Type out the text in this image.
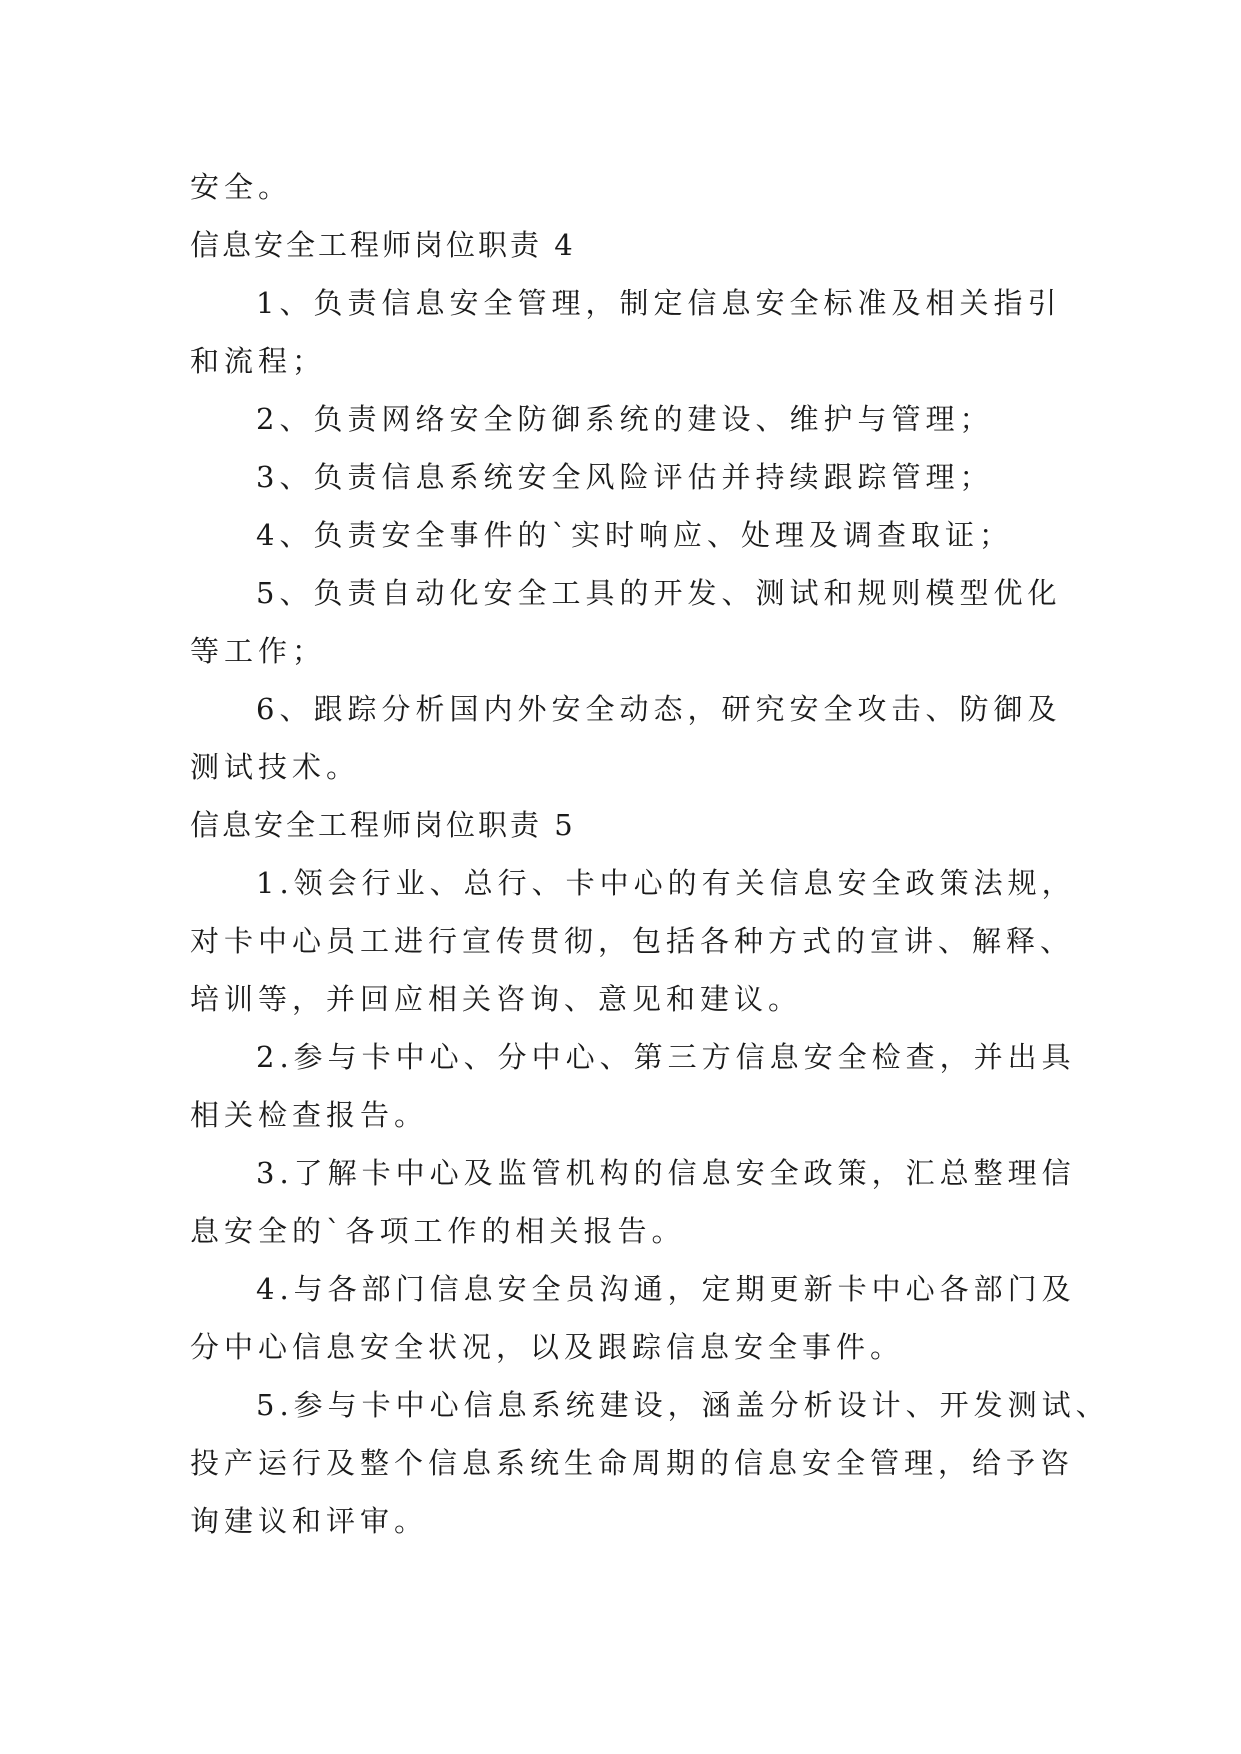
安全。

信息安全工程师岗位职责 4

1、负责信息安全管理，制定信息安全标准及相关指引

和流程；

2、负责网络安全防御系统的建设、维护与管理；

3、负责信息系统安全风险评估并持续跟踪管理；

4、负责安全事件的`实时响应、处理及调查取证；

5、负责自动化安全工具的开发、测试和规则模型优化

等工作；

6、跟踪分析国内外安全动态，研究安全攻击、防御及

测试技术。

信息安全工程师岗位职责 5

1.领会行业、总行、卡中心的有关信息安全政策法规，

对卡中心员工进行宣传贯彻，包括各种方式的宣讲、解释、

培训等，并回应相关咨询、意见和建议。

2.参与卡中心、分中心、第三方信息安全检查，并出具

相关检查报告。

3.了解卡中心及监管机构的信息安全政策，汇总整理信

息安全的`各项工作的相关报告。

4.与各部门信息安全员沟通，定期更新卡中心各部门及

分中心信息安全状况，以及跟踪信息安全事件。

5.参与卡中心信息系统建设，涵盖分析设计、开发测试、

投产运行及整个信息系统生命周期的信息安全管理，给予咨

询建议和评审。
